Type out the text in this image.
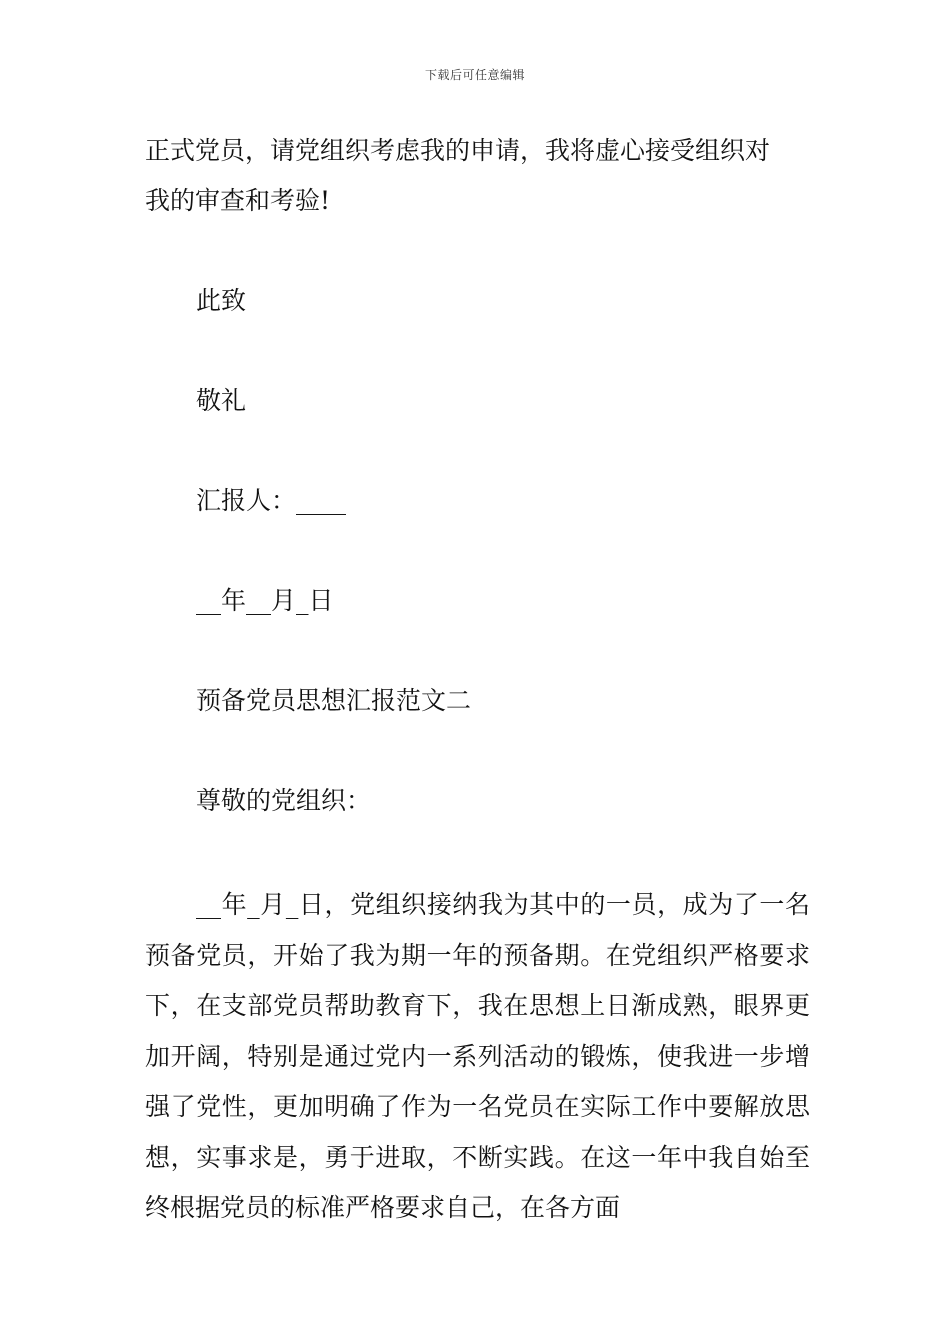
下载后可任意编辑
正式党员，请党组织考虑我的申请，我将虚心接受组织对
我的审查和考验!
此致
敬礼
汇报人：____
__年__月_日
预备党员思想汇报范文二
尊敬的党组织：
__年_月_日，党组织接纳我为其中的一员，成为了一名预备党员，开始了我为期一年的预备期。在党组织严格要求下，在支部党员帮助教育下，我在思想上日渐成熟，眼界更加开阔，特别是通过党内一系列活动的锻炼，使我进一步增强了党性，更加明确了作为一名党员在实际工作中要解放思想，实事求是，勇于进取，不断实践。在这一年中我自始至终根据党员的标准严格要求自己，在各方面
